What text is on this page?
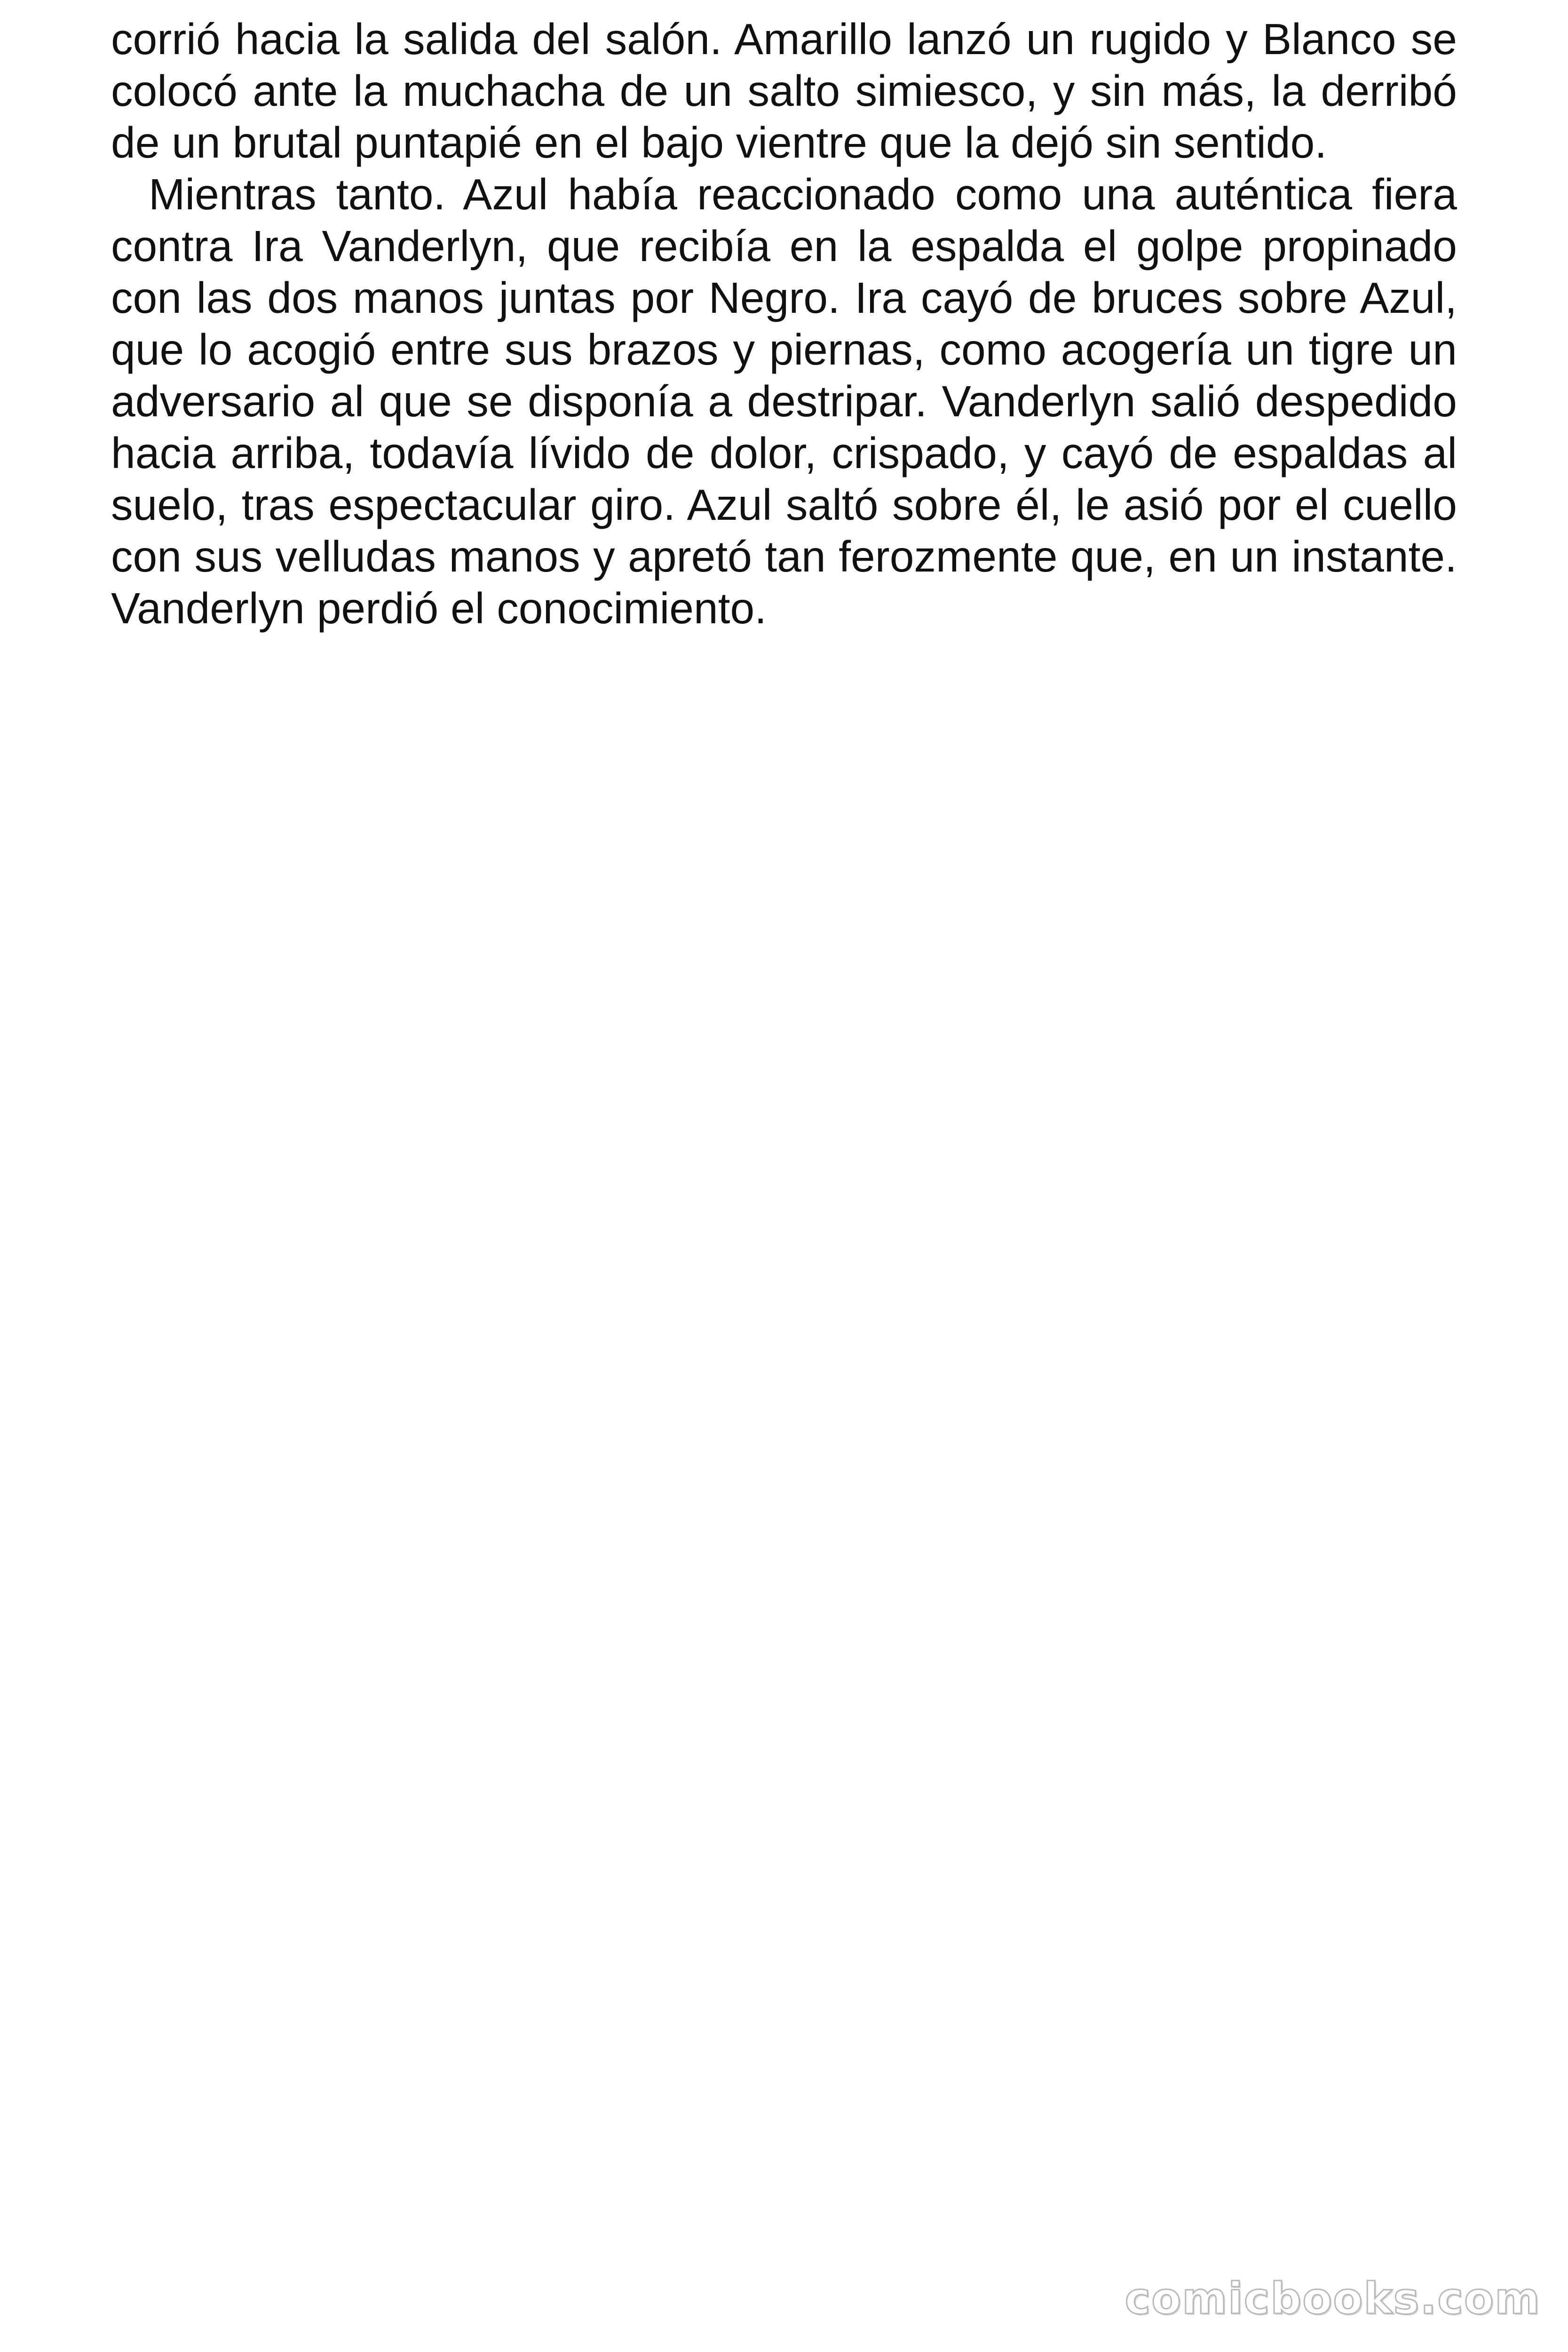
corrió hacia la salida del salón. Amarillo lanzó un rugido y Blanco se colocó ante la muchacha de un salto simiesco, y sin más, la derribó de un brutal puntapié en el bajo vientre que la dejó sin sentido.

Mientras tanto. Azul había reaccionado como una auténtica fiera contra Ira Vanderlyn, que recibía en la espalda el golpe propinado con las dos manos juntas por Negro. Ira cayó de bruces sobre Azul, que lo acogió entre sus brazos y piernas, como acogería un tigre un adversario al que se disponía a destripar. Vanderlyn salió despedido hacia arriba, todavía lívido de dolor, crispado, y cayó de espaldas al suelo, tras espectacular giro. Azul saltó sobre él, le asió por el cuello con sus velludas manos y apretó tan ferozmente que, en un instante. Vanderlyn perdió el conocimiento.

comicbooks.com
